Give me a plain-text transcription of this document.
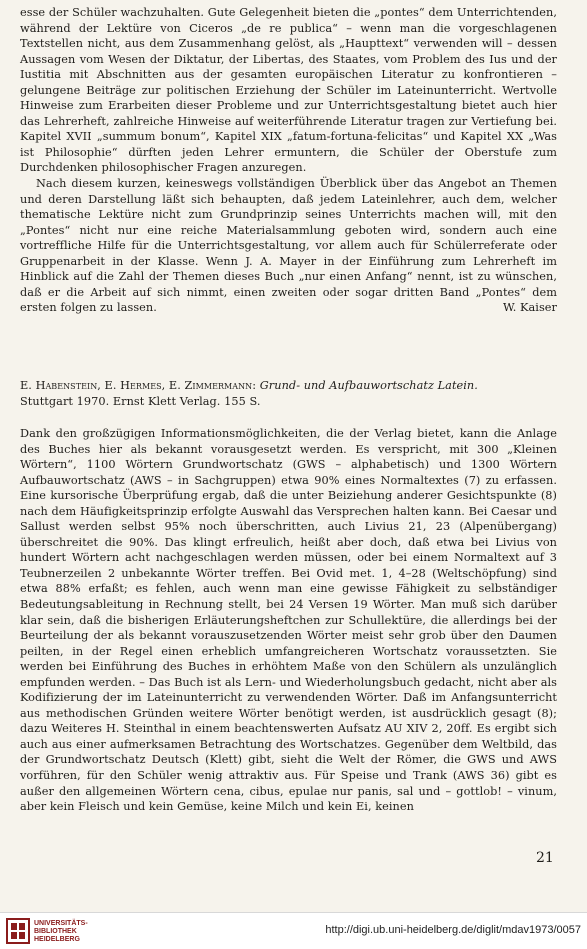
esse der Schüler wachzuhalten. Gute Gelegenheit bieten die „pontes“ dem Unterrichtenden, während der Lektüre von Ciceros „de re publica“ – wenn man die vorgeschlagenen Textstellen nicht, aus dem Zusammenhang gelöst, als „Haupttext“ verwenden will – dessen Aussagen vom Wesen der Diktatur, der Libertas, des Staates, vom Problem des Ius und der Iustitia mit Abschnitten aus der gesamten europäischen Literatur zu konfrontieren – gelungene Beiträge zur politischen Erziehung der Schüler im Lateinunterricht. Wertvolle Hinweise zum Erarbeiten dieser Probleme und zur Unterrichtsgestaltung bietet auch hier das Lehrerheft, zahlreiche Hinweise auf weiterführende Literatur tragen zur Vertiefung bei. Kapitel XVII „summum bonum“, Kapitel XIX „fatum-fortuna-felicitas“ und Kapitel XX „Was ist Philosophie“ dürften jeden Lehrer ermuntern, die Schüler der Oberstufe zum Durchdenken philosophischer Fragen anzuregen.

Nach diesem kurzen, keineswegs vollständigen Überblick über das Angebot an Themen und deren Darstellung läßt sich behaupten, daß jedem Lateinlehrer, auch dem, welcher thematische Lektüre nicht zum Grundprinzip seines Unterrichts machen will, mit den „Pontes“ nicht nur eine reiche Materialsammlung geboten wird, sondern auch eine vortreffliche Hilfe für die Unterrichtsgestaltung, vor allem auch für Schülerreferate oder Gruppenarbeit in der Klasse. Wenn J. A. Mayer in der Einführung zum Lehrerheft im Hinblick auf die Zahl der Themen dieses Buch „nur einen Anfang“ nennt, ist zu wünschen, daß er die Arbeit auf sich nimmt, einen zweiten oder sogar dritten Band „Pontes“ dem ersten folgen zu lassen.	W. Kaiser

E. Habenstein, E. Hermes, E. Zimmermann: Grund- und Aufbauwortschatz Latein.
Stuttgart 1970. Ernst Klett Verlag. 155 S.

Dank den großzügigen Informationsmöglichkeiten, die der Verlag bietet, kann die Anlage des Buches hier als bekannt vorausgesetzt werden. Es verspricht, mit 300 „Kleinen Wörtern“, 1100 Wörtern Grundwortschatz (GWS – alphabetisch) und 1300 Wörtern Aufbauwortschatz (AWS – in Sachgruppen) etwa 90% eines Normaltextes (7) zu erfassen. Eine kursorische Überprüfung ergab, daß die unter Beiziehung anderer Gesichtspunkte (8) nach dem Häufigkeitsprinzip erfolgte Auswahl das Versprechen halten kann. Bei Caesar und Sallust werden selbst 95% noch überschritten, auch Livius 21, 23 (Alpenübergang) überschreitet die 90%. Das klingt erfreulich, heißt aber doch, daß etwa bei Livius von hundert Wörtern acht nachgeschlagen werden müssen, oder bei einem Normaltext auf 3 Teubnerzeilen 2 unbekannte Wörter treffen. Bei Ovid met. 1, 4–28 (Weltschöpfung) sind etwa 88% erfaßt; es fehlen, auch wenn man eine gewisse Fähigkeit zu selbständiger Bedeutungsableitung in Rechnung stellt, bei 24 Versen 19 Wörter. Man muß sich darüber klar sein, daß die bisherigen Erläuterungsheftchen zur Schullektüre, die allerdings bei der Beurteilung der als bekannt vorauszusetzenden Wörter meist sehr grob über den Daumen peilten, in der Regel einen erheblich umfangreicheren Wortschatz voraussetzten. Sie werden bei Einführung des Buches in erhöhtem Maße von den Schülern als unzulänglich empfunden werden. – Das Buch ist als Lern- und Wiederholungsbuch gedacht, nicht aber als Kodifizierung der im Lateinunterricht zu verwendenden Wörter. Daß im Anfangsunterricht aus methodischen Gründen weitere Wörter benötigt werden, ist ausdrücklich gesagt (8); dazu Weiteres H. Steinthal in einem beachtenswerten Aufsatz AU XIV 2, 20ff. Es ergibt sich auch aus einer aufmerksamen Betrachtung des Wortschatzes. Gegenüber dem Weltbild, das der Grundwortschatz Deutsch (Klett) gibt, sieht die Welt der Römer, die GWS und AWS vorführen, für den Schüler wenig attraktiv aus. Für Speise und Trank (AWS 36) gibt es außer den allgemeinen Wörtern cena, cibus, epulae nur panis, sal und – gottlob! – vinum, aber kein Fleisch und kein Gemüse, keine Milch und kein Ei, keinen

21
UNIVERSITÄTS-
BIBLIOTHEK
HEIDELBERG
http://digi.ub.uni-heidelberg.de/diglit/mdav1973/0057
